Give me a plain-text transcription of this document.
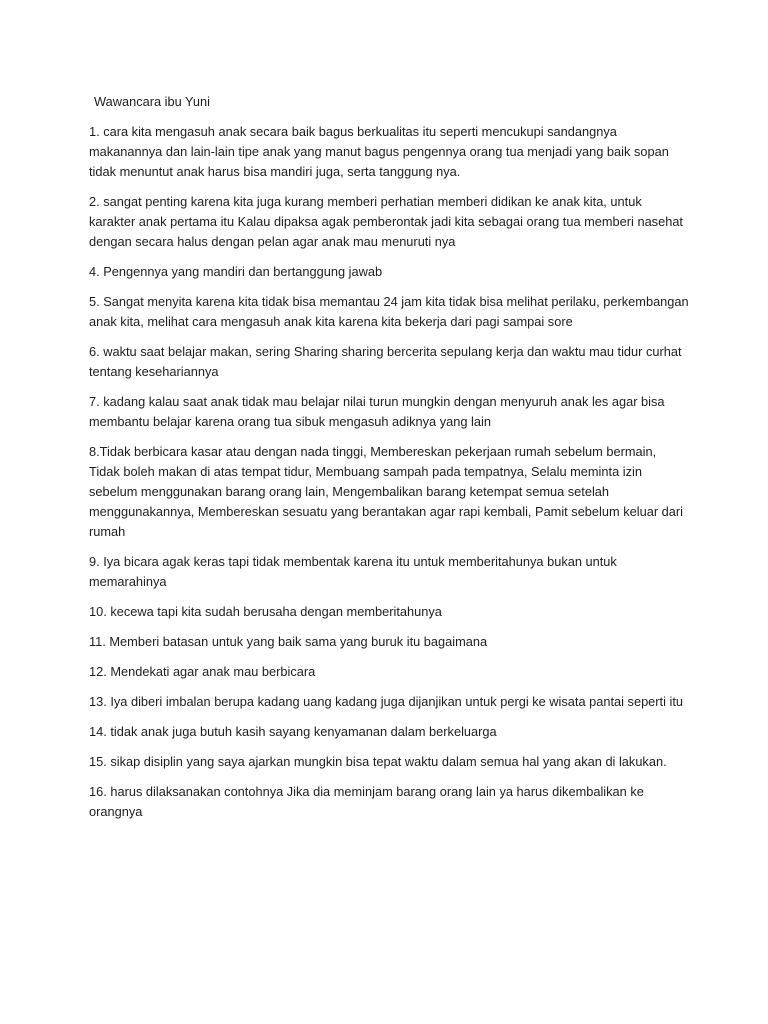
Wawancara ibu Yuni

1. cara kita mengasuh anak secara baik bagus berkualitas itu seperti mencukupi sandangnya makanannya dan lain-lain tipe anak yang manut bagus pengennya orang tua menjadi yang baik sopan tidak menuntut anak harus bisa mandiri juga, serta tanggung nya.
2. sangat penting karena kita juga kurang memberi perhatian memberi didikan ke anak kita, untuk karakter anak pertama itu Kalau dipaksa agak pemberontak jadi kita sebagai orang tua memberi nasehat dengan secara halus dengan pelan agar anak mau menuruti nya
4. Pengennya yang mandiri dan bertanggung jawab
5. Sangat menyita karena kita tidak bisa memantau 24 jam kita tidak bisa melihat perilaku, perkembangan anak kita, melihat cara mengasuh anak kita karena kita bekerja dari pagi sampai sore
6. waktu saat belajar makan, sering Sharing sharing bercerita sepulang kerja dan waktu mau tidur curhat tentang kesehariannya
7. kadang kalau saat anak tidak mau belajar nilai turun mungkin dengan menyuruh anak les agar bisa membantu belajar karena orang tua sibuk mengasuh adiknya yang lain
8.Tidak berbicara kasar atau dengan nada tinggi, Membereskan pekerjaan rumah sebelum bermain, Tidak boleh makan di atas tempat tidur, Membuang sampah pada tempatnya, Selalu meminta izin sebelum menggunakan barang orang lain, Mengembalikan barang ketempat semua setelah menggunakannya, Membereskan sesuatu yang berantakan agar rapi kembali, Pamit sebelum keluar dari rumah
9. Iya bicara agak keras tapi tidak membentak karena itu untuk memberitahunya bukan untuk memarahinya
10. kecewa tapi kita sudah berusaha dengan memberitahunya
11. Memberi batasan untuk yang baik sama yang buruk itu bagaimana
12. Mendekati agar anak mau berbicara
13. Iya diberi imbalan berupa kadang uang kadang juga dijanjikan untuk pergi ke wisata pantai seperti itu
14. tidak anak juga butuh kasih sayang kenyamanan dalam berkeluarga
15. sikap disiplin yang saya ajarkan mungkin bisa tepat waktu dalam semua hal yang akan di lakukan.
16. harus dilaksanakan contohnya Jika dia meminjam barang orang lain ya harus dikembalikan ke orangnya
